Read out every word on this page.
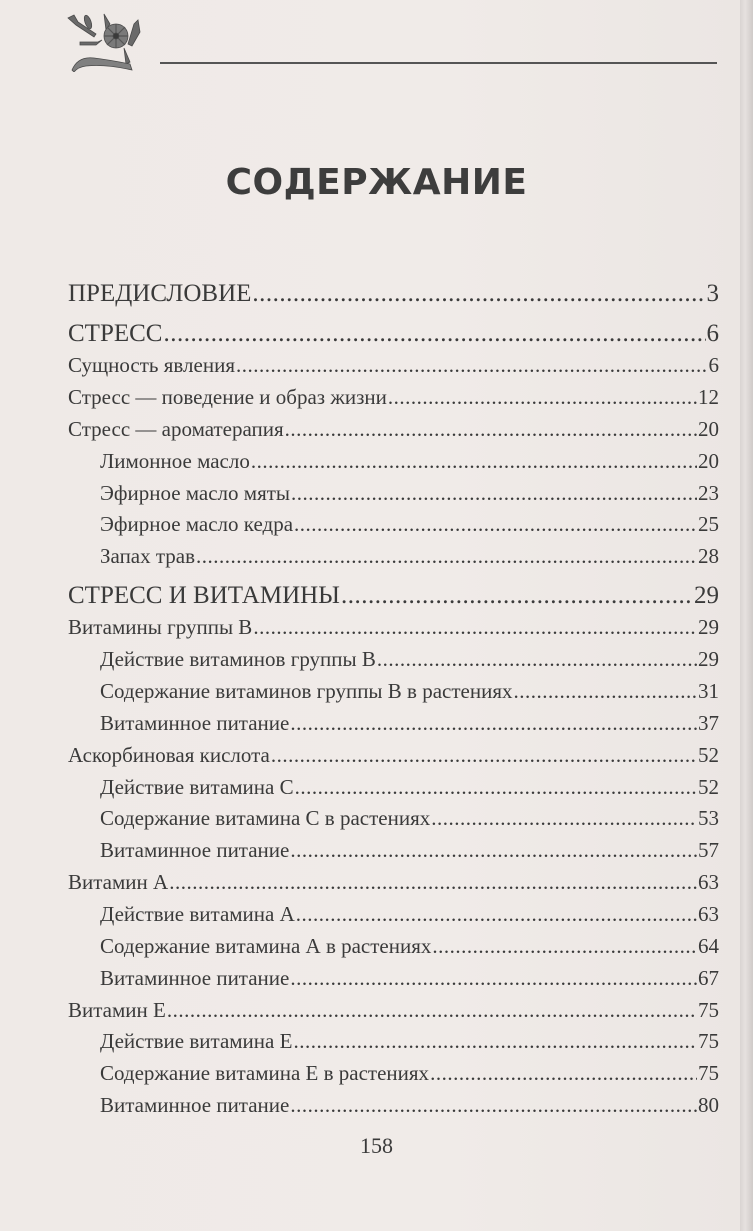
СОДЕРЖАНИЕ
ПРЕДИСЛОВИЕ .....	3
СТРЕСС .....	6
Сущность явления .....	6
Стресс — поведение и образ жизни .....	12
Стресс — ароматерапия .....	20
Лимонное масло .....	20
Эфирное масло мяты .....	23
Эфирное масло кедра .....	25
Запах трав .....	28
СТРЕСС И ВИТАМИНЫ .....	29
Витамины группы В .....	29
Действие витаминов группы В .....	29
Содержание витаминов группы В в растениях .....	31
Витаминное питание .....	37
Аскорбиновая кислота .....	52
Действие витамина С .....	52
Содержание витамина С в растениях .....	53
Витаминное питание .....	57
Витамин А .....	63
Действие витамина А .....	63
Содержание витамина А в растениях .....	64
Витаминное питание .....	67
Витамин Е .....	75
Действие витамина Е .....	75
Содержание витамина Е в растениях .....	75
Витаминное питание .....	80
158
